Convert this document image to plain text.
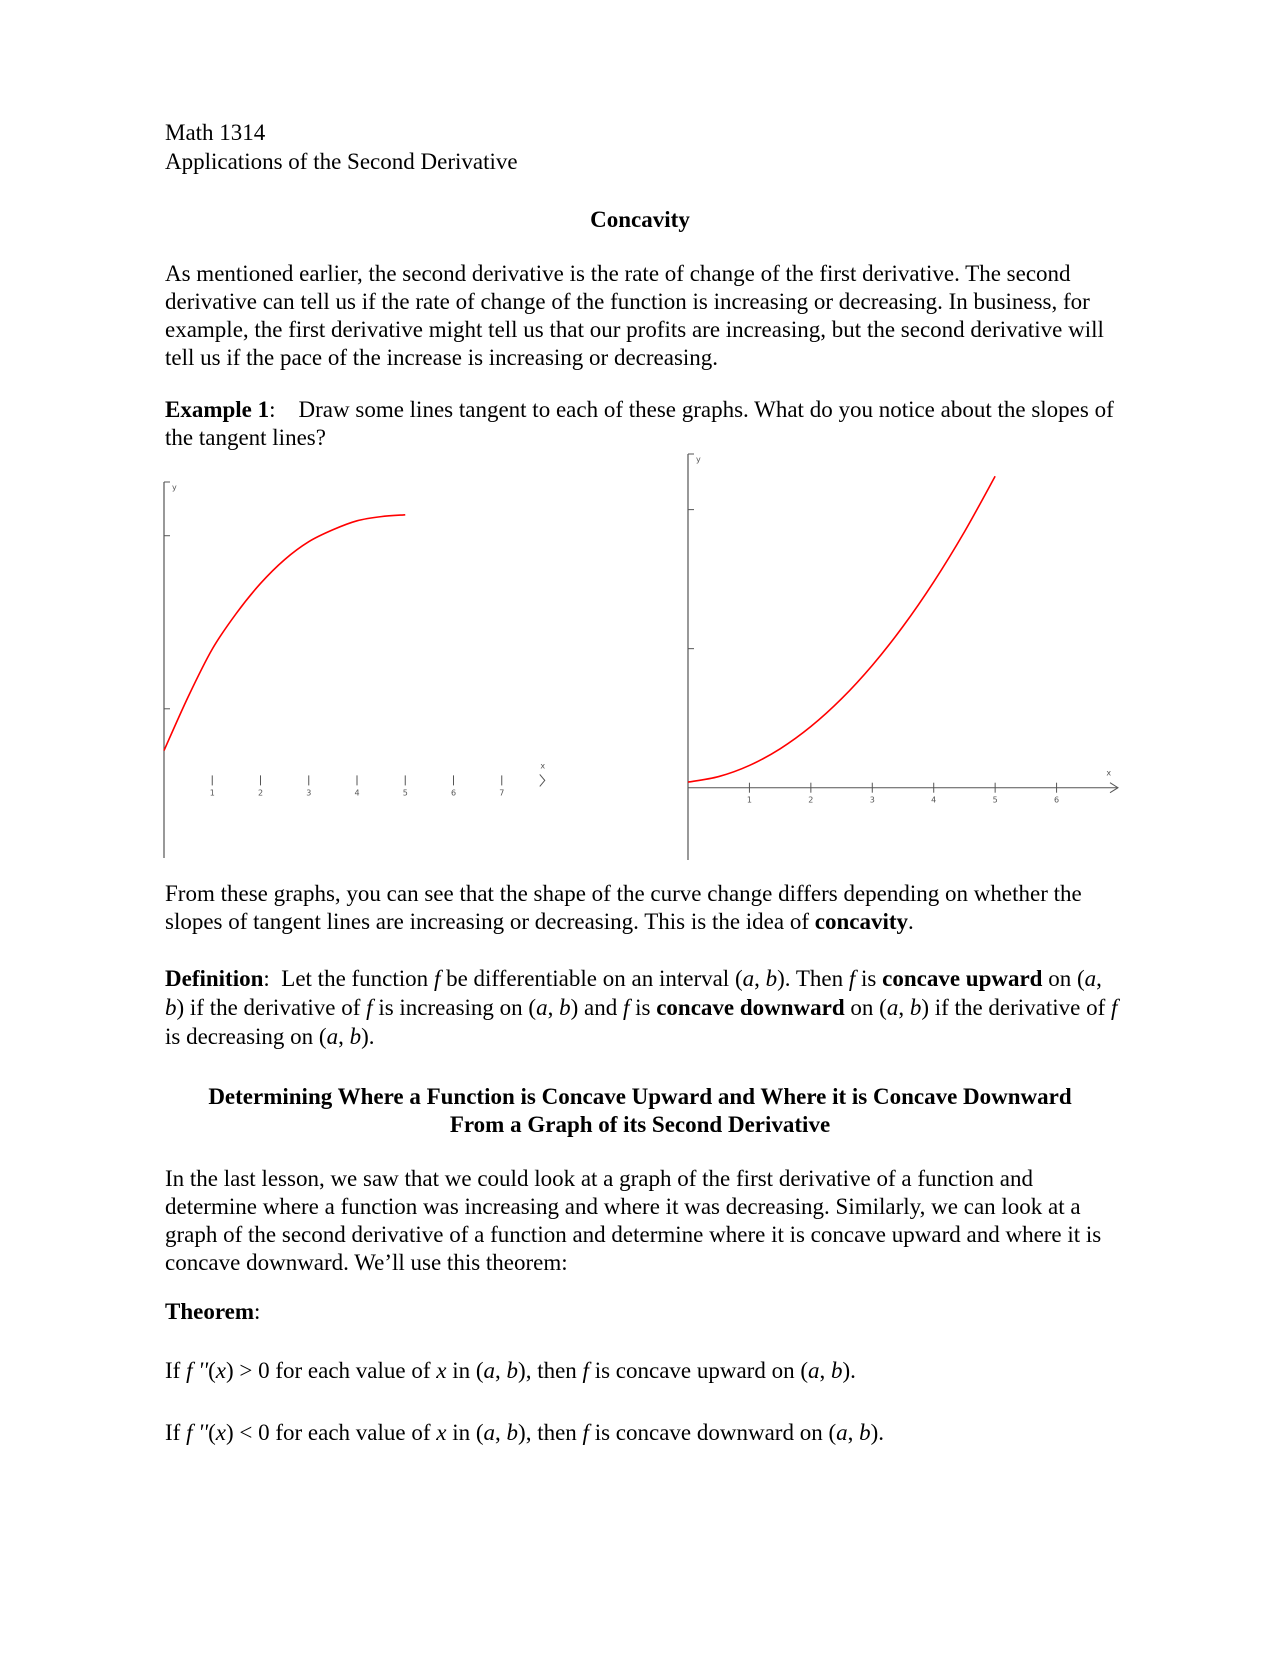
Math 1314
Applications of the Second Derivative
Concavity
As mentioned earlier, the second derivative is the rate of change of the first derivative. The second derivative can tell us if the rate of change of the function is increasing or decreasing. In business, for example, the first derivative might tell us that our profits are increasing, but the second derivative will tell us if the pace of the increase is increasing or decreasing.
Example 1:    Draw some lines tangent to each of these graphs. What do you notice about the slopes of the tangent lines?
y
1	2	3	4	5	6	7
x
y
1	2	3	4	5	6
x
From these graphs, you can see that the shape of the curve change differs depending on whether the slopes of tangent lines are increasing or decreasing. This is the idea of concavity.
Definition:  Let the function f be differentiable on an interval (a, b). Then f is concave upward on (a, b) if the derivative of f is increasing on (a, b) and f is concave downward on (a, b) if the derivative of f is decreasing on (a, b).
Determining Where a Function is Concave Upward and Where it is Concave Downward
From a Graph of its Second Derivative
In the last lesson, we saw that we could look at a graph of the first derivative of a function and determine where a function was increasing and where it was decreasing. Similarly, we can look at a graph of the second derivative of a function and determine where it is concave upward and where it is concave downward. We’ll use this theorem:
Theorem:
If f ''(x) > 0 for each value of x in (a, b), then f is concave upward on (a, b).
If f ''(x) < 0 for each value of x in (a, b), then f is concave downward on (a, b).
